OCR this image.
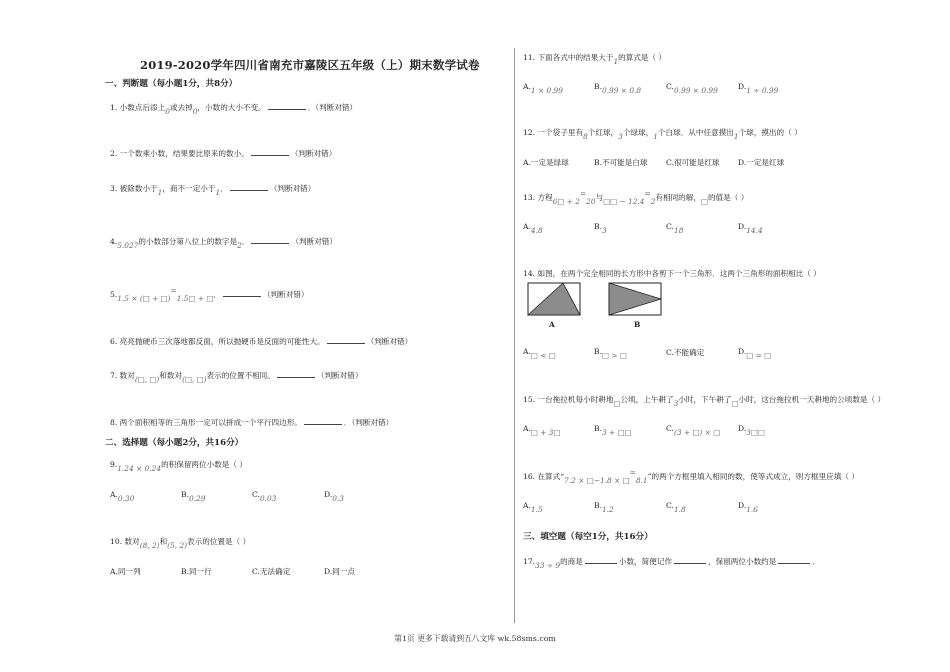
2019-2020学年四川省南充市嘉陵区五年级（上）期末数学试卷
一、判断题（每小题1分，共8分）
1. 小数点后添上0或去掉0，小数的大小不变。	．（判断对错）
2. 一个数乘小数，结果要比原来的数小。	（判断对错）
3. 被除数小于1，商不一定小于1．	（判断对错）
4.5.027的小数部分第八位上的数字是2．	（判断对错）
5.1.5 × (□ + □)=1.5□ + □．	（判断对错）
6. 亮亮抛硬币三次落地都反面，所以抛硬币是反面的可能性大。	（判断对错）
7. 数对(□, □)和数对(□, □)表示的位置不相同。	（判断对错）
8. 两个面积相等的三角形一定可以拼成一个平行四边形。	．（判断对错）
二、选择题（每小题2分，共16分）
9.1.24 × 0.24的积保留两位小数是（ ）
A.0.30	B.0.29	C.0.03	D.0.3
10. 数对(8, 2)和(5, 2)表示的位置是（ ）
A.同一列	B.同一行	C.无法确定	D.同一点
11. 下面各式中的结果大于1的算式是（ ）
A.1 × 0.99	B.0.99 × 0.8	C.0.99 × 0.99	D.1 ÷ 0.99
12. 一个袋子里有8个红球，3个绿球，1个白球．从中任意摸出1个球，摸出的（ ）
A.一定是绿球	B.不可能是白球 C.很可能是红球 D.一定是红球
13. 方程6□ + 2=20与□□ − 12.4=2有相同的解，□的值是（ ）
A.4.8	B.3	C.18	D.14.4
14. 如图，在两个完全相同的长方形中各剪下一个三角形．这两个三角形的面积相比（ ）
A	B
A.□ < □	B.□ > □	C.不能确定	D.□ = □
15. 一台拖拉机每小时耕地□公顷，上午耕了3小时，下午耕了□小时，这台拖拉机一天耕地的公顷数是（ ）
A.□ + 3□	B.3 + □□	C.(3 + □) × □ D.3□□
16. 在算式“7.2 × □−1.8 × □=8.1”的两个方框里填入相同的数，使等式成立，则方框里应填（ ）
A.1.5	B.1.2	C.1.8	D.1.6
三、填空题（每空1分，共16分）
17.33 ÷ 9的商是	小数，简便记作	，保留两位小数约是	．
第1页 更多下载请到五八文库 wk.58sms.com
